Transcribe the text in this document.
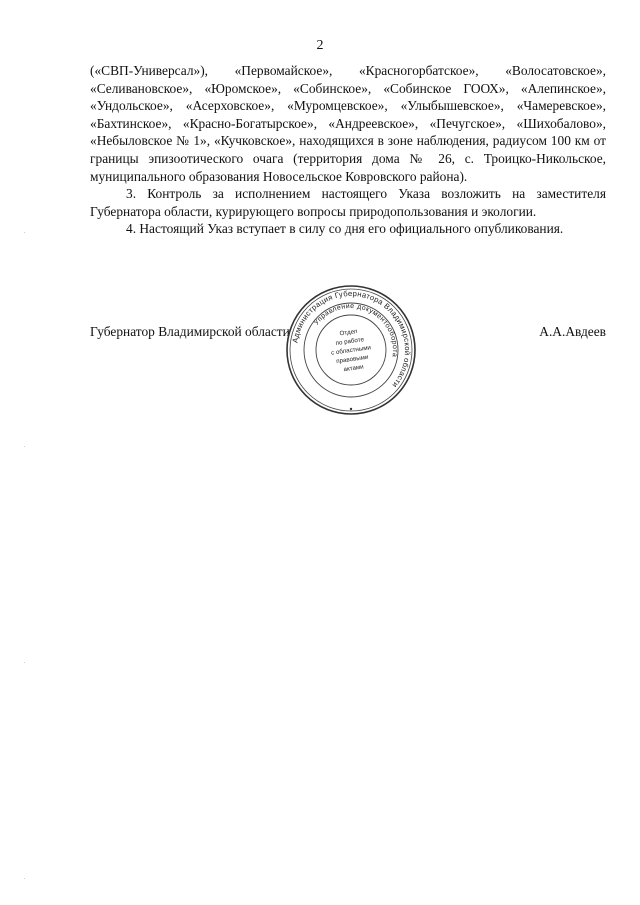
2

(«СВП-Универсал»), «Первомайское», «Красногорбатское», «Волосатовское», «Селивановское», «Юромское», «Собинское», «Собинское ГООХ», «Алепинское», «Ундольское», «Асерховское», «Муромцевское», «Улыбышевское», «Чамеревское», «Бахтинское», «Красно-Богатырское», «Андреевское», «Печугское», «Шихобалово», «Небыловское № 1», «Кучковское», находящихся в зоне наблюдения, радиусом 100 км от границы эпизоотического очага (территория дома № 26, с. Троицко-Никольское, муниципального образования Новосельское Ковровского района).

3. Контроль за исполнением настоящего Указа возложить на заместителя Губернатора области, курирующего вопросы природопользования и экологии.

4. Настоящий Указ вступает в силу со дня его официального опубликования.

Губернатор Владимирской области	А.А.Авдеев
Администрация Губернатора Владимирской области
Управление документооборота
Отдел
по работе
с областными
правовыми
актами
